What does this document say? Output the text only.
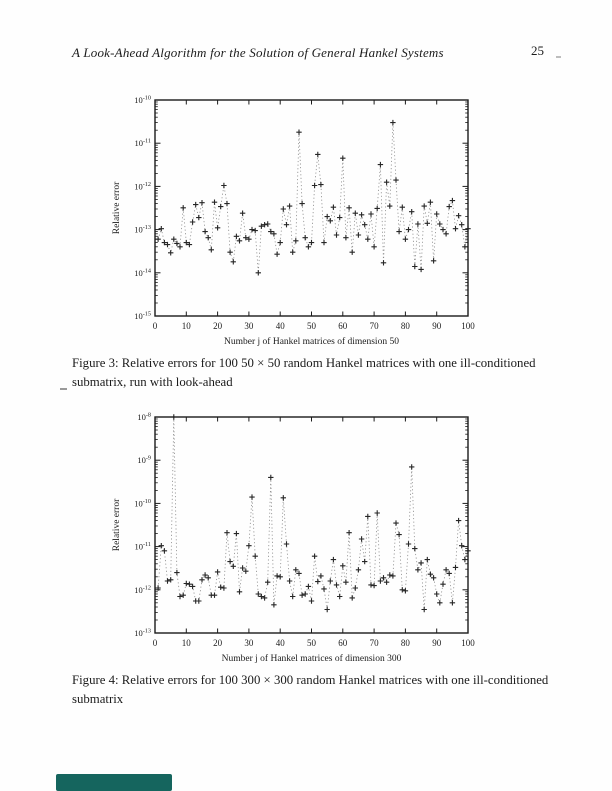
A Look-Ahead Algorithm for the Solution of General Hankel Systems	25
0	10 20 30 40 50 60 70 80 90 100
$10^{-10}$
$10^{-11}$
$10^{-12}$
$10^{-13}$
$10^{-14}$
$10^{-15}$
Number j of Hankel matrices of dimension 50
Relative error
Figure 3: Relative errors for 100 50 × 50 random Hankel matrices with one ill-conditioned
submatrix, run with look-ahead
0	10 20 30 40 50 60 70 80 90 100
$10^{-8}$
$10^{-9}$
$10^{-10}$
$10^{-11}$
$10^{-12}$
$10^{-13}$
Number j of Hankel matrices of dimension 300
Relative error
Figure 4: Relative errors for 100 300 × 300 random Hankel matrices with one ill-conditioned
submatrix
